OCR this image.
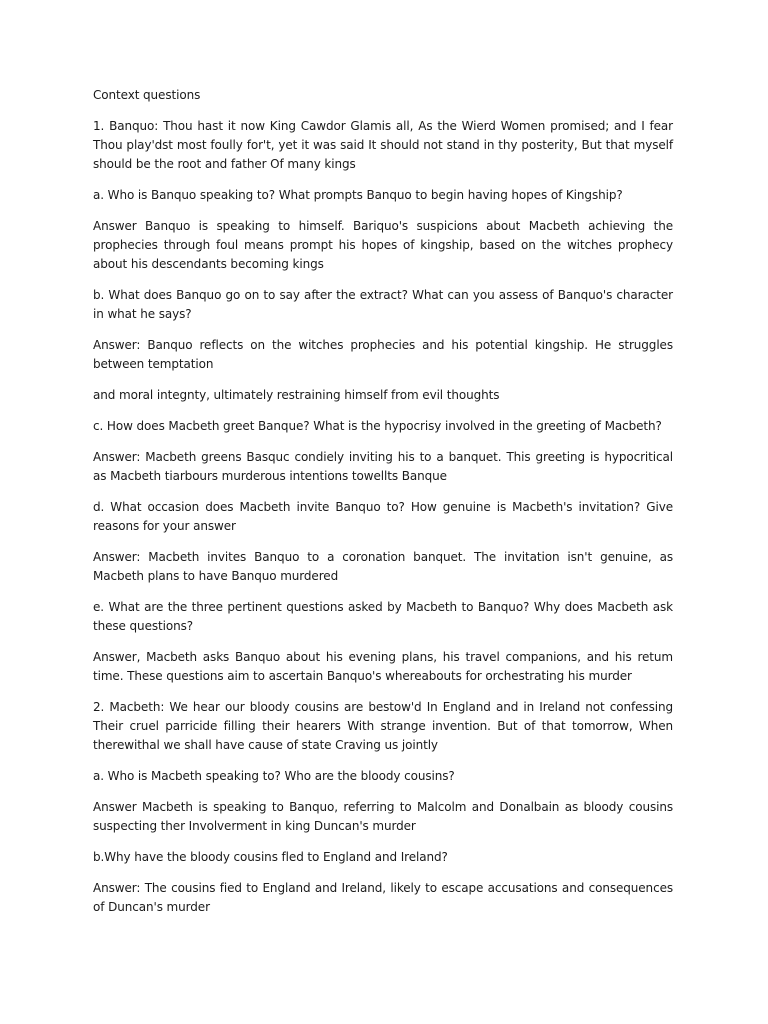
Context questions

1. Banquo: Thou hast it now King Cawdor Glamis all, As the Wierd Women promised; and I fear Thou play'dst most foully for't, yet it was said It should not stand in thy posterity, But that myself should be the root and father Of many kings

a. Who is Banquo speaking to? What prompts Banquo to begin having hopes of Kingship?

Answer Banquo is speaking to himself. Bariquo's suspicions about Macbeth achieving the prophecies through foul means prompt his hopes of kingship, based on the witches prophecy about his descendants becoming kings

b. What does Banquo go on to say after the extract? What can you assess of Banquo's character in what he says?

Answer: Banquo reflects on the witches prophecies and his potential kingship. He struggles between temptation

and moral integnty, ultimately restraining himself from evil thoughts

c. How does Macbeth greet Banque? What is the hypocrisy involved in the greeting of Macbeth?

Answer: Macbeth greens Basquc condiely inviting his to a banquet. This greeting is hypocritical as Macbeth tiarbours murderous intentions towellts Banque

d. What occasion does Macbeth invite Banquo to? How genuine is Macbeth's invitation? Give reasons for your answer

Answer: Macbeth invites Banquo to a coronation banquet. The invitation isn't genuine, as Macbeth plans to have Banquo murdered

e. What are the three pertinent questions asked by Macbeth to Banquo? Why does Macbeth ask these questions?

Answer, Macbeth asks Banquo about his evening plans, his travel companions, and his retum time. These questions aim to ascertain Banquo's whereabouts for orchestrating his murder

2. Macbeth: We hear our bloody cousins are bestow'd In England and in Ireland not confessing Their cruel parricide filling their hearers With strange invention. But of that tomorrow, When therewithal we shall have cause of state Craving us jointly

a. Who is Macbeth speaking to? Who are the bloody cousins?

Answer Macbeth is speaking to Banquo, referring to Malcolm and Donalbain as bloody cousins suspecting ther Involverment in king Duncan's murder

b.Why have the bloody cousins fled to England and Ireland?

Answer: The cousins fied to England and Ireland, likely to escape accusations and consequences of Duncan's murder
